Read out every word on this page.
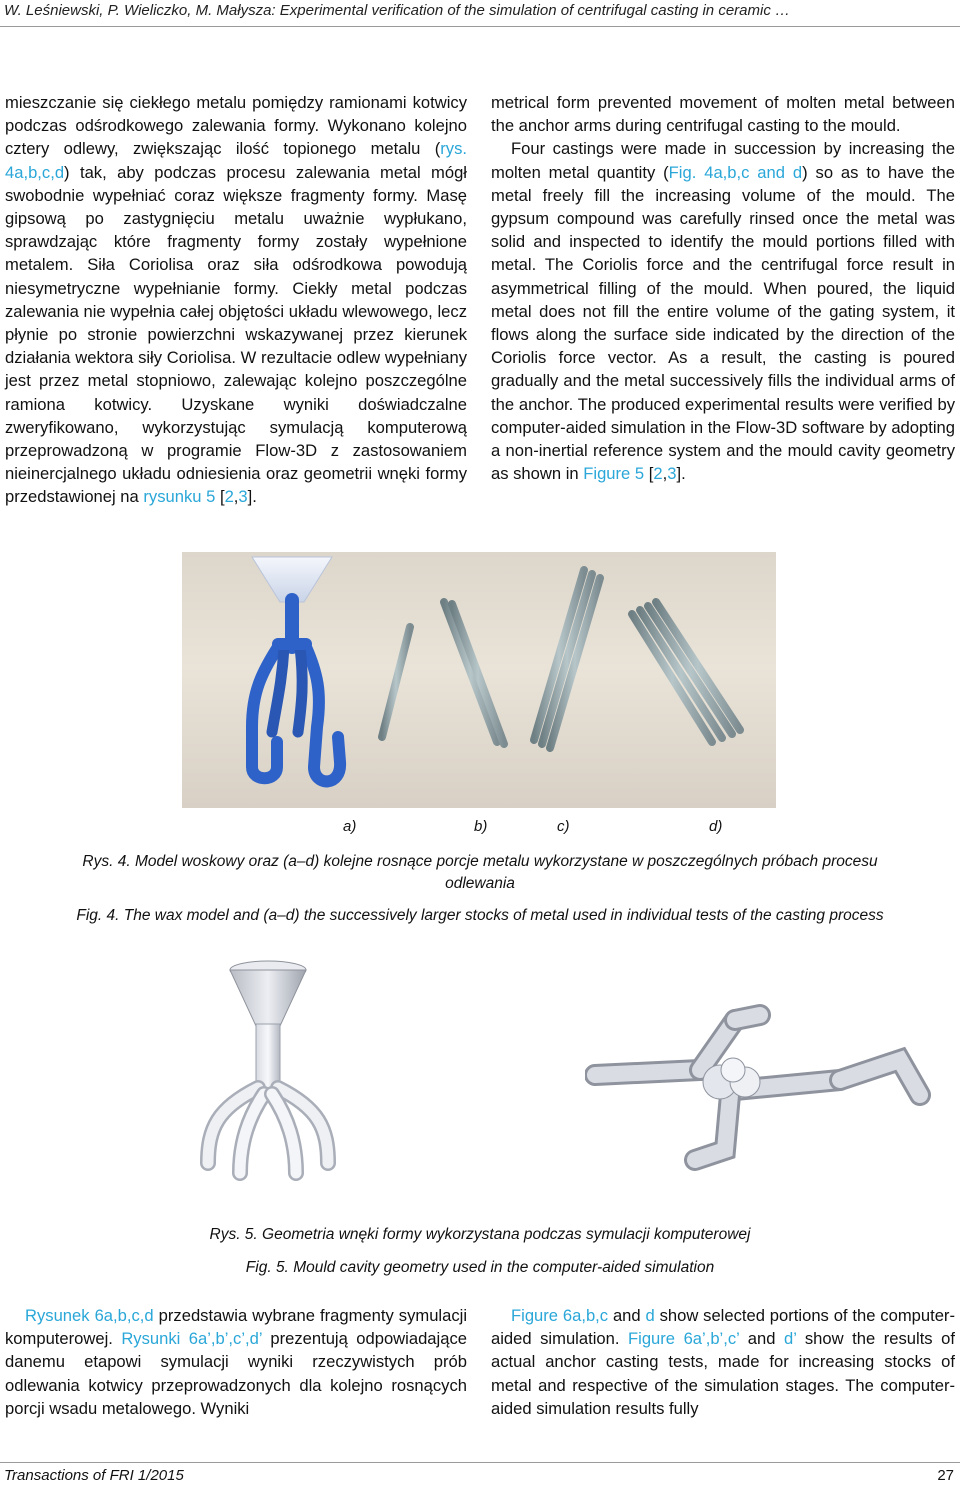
W. Leśniewski, P. Wieliczko, M. Małysza: Experimental verification of the simulation of centrifugal casting in ceramic …

mieszczanie się ciekłego metalu pomiędzy ramionami kotwicy podczas odśrodkowego zalewania formy. Wykonano kolejno cztery odlewy, zwiększając ilość topionego metalu (rys. 4a,b,c,d) tak, aby podczas procesu zalewania metal mógł swobodnie wypełniać coraz większe fragmenty formy. Masę gipsową po zastygnięciu metalu uważnie wypłukano, sprawdzając które fragmenty formy zostały wypełnione metalem. Siła Coriolisa oraz siła odśrodkowa powodują niesymetryczne wypełnianie formy. Ciekły metal podczas zalewania nie wypełnia całej objętości układu wlewowego, lecz płynie po stronie powierzchni wskazywanej przez kierunek działania wektora siły Coriolisa. W rezultacie odlew wypełniany jest przez metal stopniowo, zalewając kolejno poszczególne ramiona kotwicy. Uzyskane wyniki doświadczalne zweryfikowano, wykorzystując symulacją komputerową przeprowadzoną w programie Flow-3D z zastosowaniem nieinercjalnego układu odniesienia oraz geometrii wnęki formy przedstawionej na rysunku 5 [2,3].

metrical form prevented movement of molten metal between the anchor arms during centrifugal casting to the mould.

Four castings were made in succession by increasing the molten metal quantity (Fig. 4a,b,c and d) so as to have the metal freely fill the increasing volume of the mould. The gypsum compound was carefully rinsed once the metal was solid and inspected to identify the mould portions filled with metal. The Coriolis force and the centrifugal force result in asymmetrical filling of the mould. When poured, the liquid metal does not fill the entire volume of the gating system, it flows along the surface side indicated by the direction of the Coriolis force vector. As a result, the casting is poured gradually and the metal successively fills the individual arms of the anchor. The produced experimental results were verified by computer-aided simulation in the Flow-3D software by adopting a non-inertial reference system and the mould cavity geometry as shown in Figure 5 [2,3].

a)	b)	c)	d)
Rys. 4. Model woskowy oraz (a–d) kolejne rosnące porcje metalu wykorzystane w poszczególnych próbach procesu odlewania
Fig. 4. The wax model and (a–d) the successively larger stocks of metal used in individual tests of the casting process
Rys. 5. Geometria wnęki formy wykorzystana podczas symulacji komputerowej
Fig. 5. Mould cavity geometry used in the computer-aided simulation

Rysunek 6a,b,c,d przedstawia wybrane fragmenty symulacji komputerowej. Rysunki 6a’,b’,c’,d’ prezentują odpowiadające danemu etapowi symulacji wyniki rzeczywistych prób odlewania kotwicy przeprowadzonych dla kolejno rosnących porcji wsadu metalowego. Wyniki

Figure 6a,b,c and d show selected portions of the computer-aided simulation. Figure 6a’,b’,c’ and d’ show the results of actual anchor casting tests, made for increasing stocks of metal and respective of the simulation stages. The computer-aided simulation results fully

Transactions of FRI 1/2015	27
